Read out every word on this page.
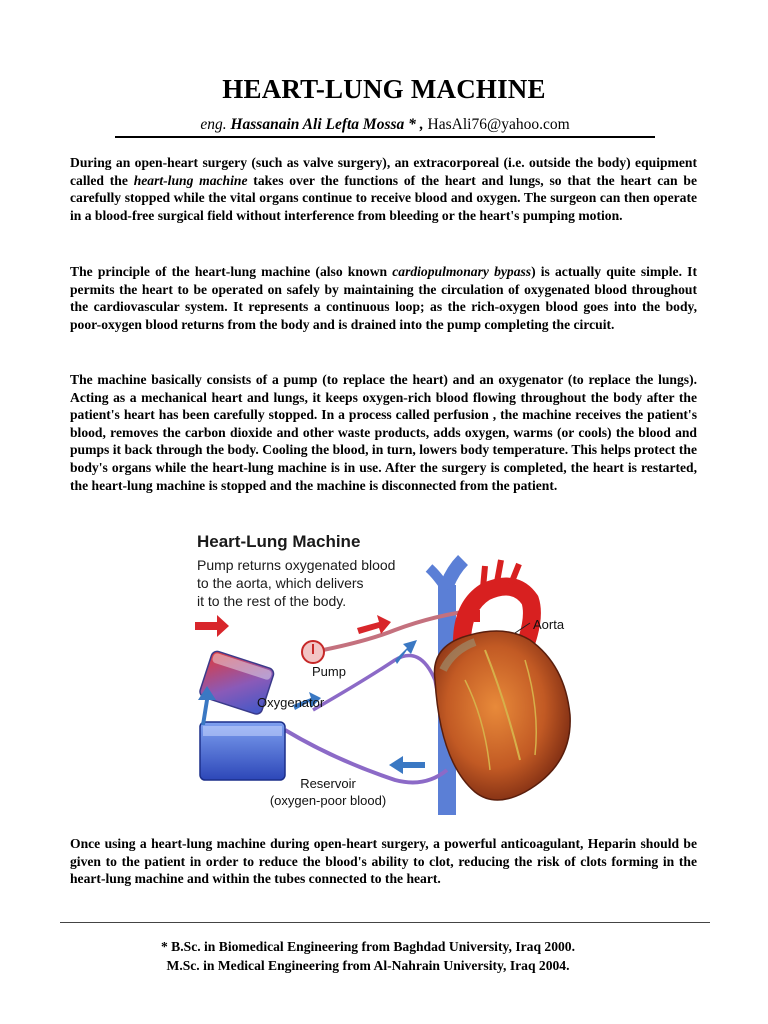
HEART-LUNG MACHINE
eng. Hassanain Ali Lefta Mossa * , HasAli76@yahoo.com

During an open-heart surgery (such as valve surgery), an extracorporeal (i.e. outside the body) equipment called the heart-lung machine takes over the functions of the heart and lungs, so that the heart can be carefully stopped while the vital organs continue to receive blood and oxygen. The surgeon can then operate in a blood-free surgical field without interference from bleeding or the heart's pumping motion.

The principle of the heart-lung machine (also known cardiopulmonary bypass) is actually quite simple. It permits the heart to be operated on safely by maintaining the circulation of oxygenated blood throughout the cardiovascular system. It represents a continuous loop; as the rich-oxygen blood goes into the body, poor-oxygen blood returns from the body and is drained into the pump completing the circuit.

The machine basically consists of a pump (to replace the heart) and an oxygenator (to replace the lungs). Acting as a mechanical heart and lungs, it keeps oxygen-rich blood flowing throughout the body after the patient's heart has been carefully stopped. In a process called perfusion , the machine receives the patient's blood, removes the carbon dioxide and other waste products, adds oxygen, warms (or cools) the blood and pumps it back through the body. Cooling the blood, in turn, lowers body temperature. This helps protect the body's organs while the heart-lung machine is in use. After the surgery is completed, the heart is restarted, the heart-lung machine is stopped and the machine is disconnected from the patient.

Heart-Lung Machine
Pump returns oxygenated blood
to the aorta, which delivers
it to the rest of the body.
Aorta
Pump
Oxygenator
Reservoir
(oxygen-poor blood)

Once using a heart-lung machine during open-heart surgery, a powerful anticoagulant, Heparin should be given to the patient in order to reduce the blood's ability to clot, reducing the risk of clots forming in the heart-lung machine and within the tubes connected to the heart.

* B.Sc. in Biomedical Engineering from Baghdad University, Iraq 2000.
M.Sc. in Medical Engineering from Al-Nahrain University, Iraq 2004.
